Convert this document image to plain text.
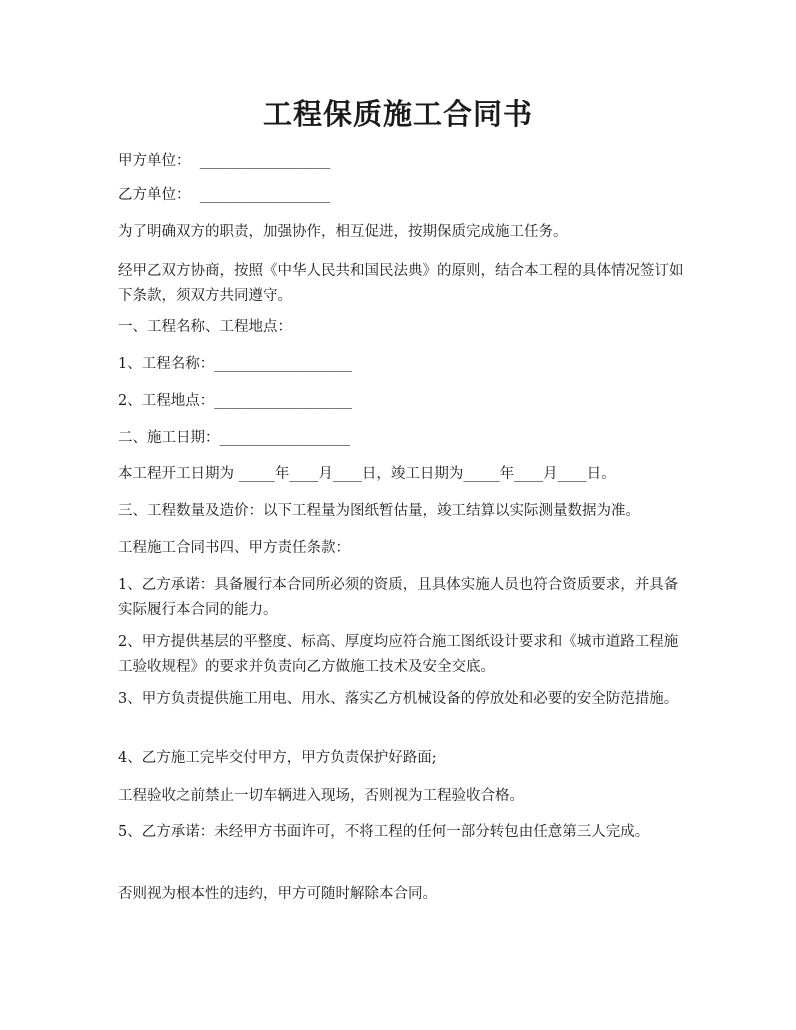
工程保质施工合同书

甲方单位：  __________________

乙方单位：  __________________

为了明确双方的职责，加强协作，相互促进，按期保质完成施工任务。

经甲乙双方协商，按照《中华人民共和国民法典》的原则，结合本工程的具体情况签订如下条款，须双方共同遵守。

一、工程名称、工程地点：

1、工程名称：___________________

2、工程地点：___________________

二、施工日期：__________________

本工程开工日期为 _____年____月____日，竣工日期为_____年____月____日。

三、工程数量及造价：以下工程量为图纸暂估量，竣工结算以实际测量数据为准。

工程施工合同书四、甲方责任条款：

1、乙方承诺：具备履行本合同所必须的资质，且具体实施人员也符合资质要求，并具备实际履行本合同的能力。

2、甲方提供基层的平整度、标高、厚度均应符合施工图纸设计要求和《城市道路工程施工验收规程》的要求并负责向乙方做施工技术及安全交底。

3、甲方负责提供施工用电、用水、落实乙方机械设备的停放处和必要的安全防范措施。

4、乙方施工完毕交付甲方，甲方负责保护好路面;

工程验收之前禁止一切车辆进入现场，否则视为工程验收合格。

5、乙方承诺：未经甲方书面许可，不将工程的任何一部分转包由任意第三人完成。

否则视为根本性的违约，甲方可随时解除本合同。
